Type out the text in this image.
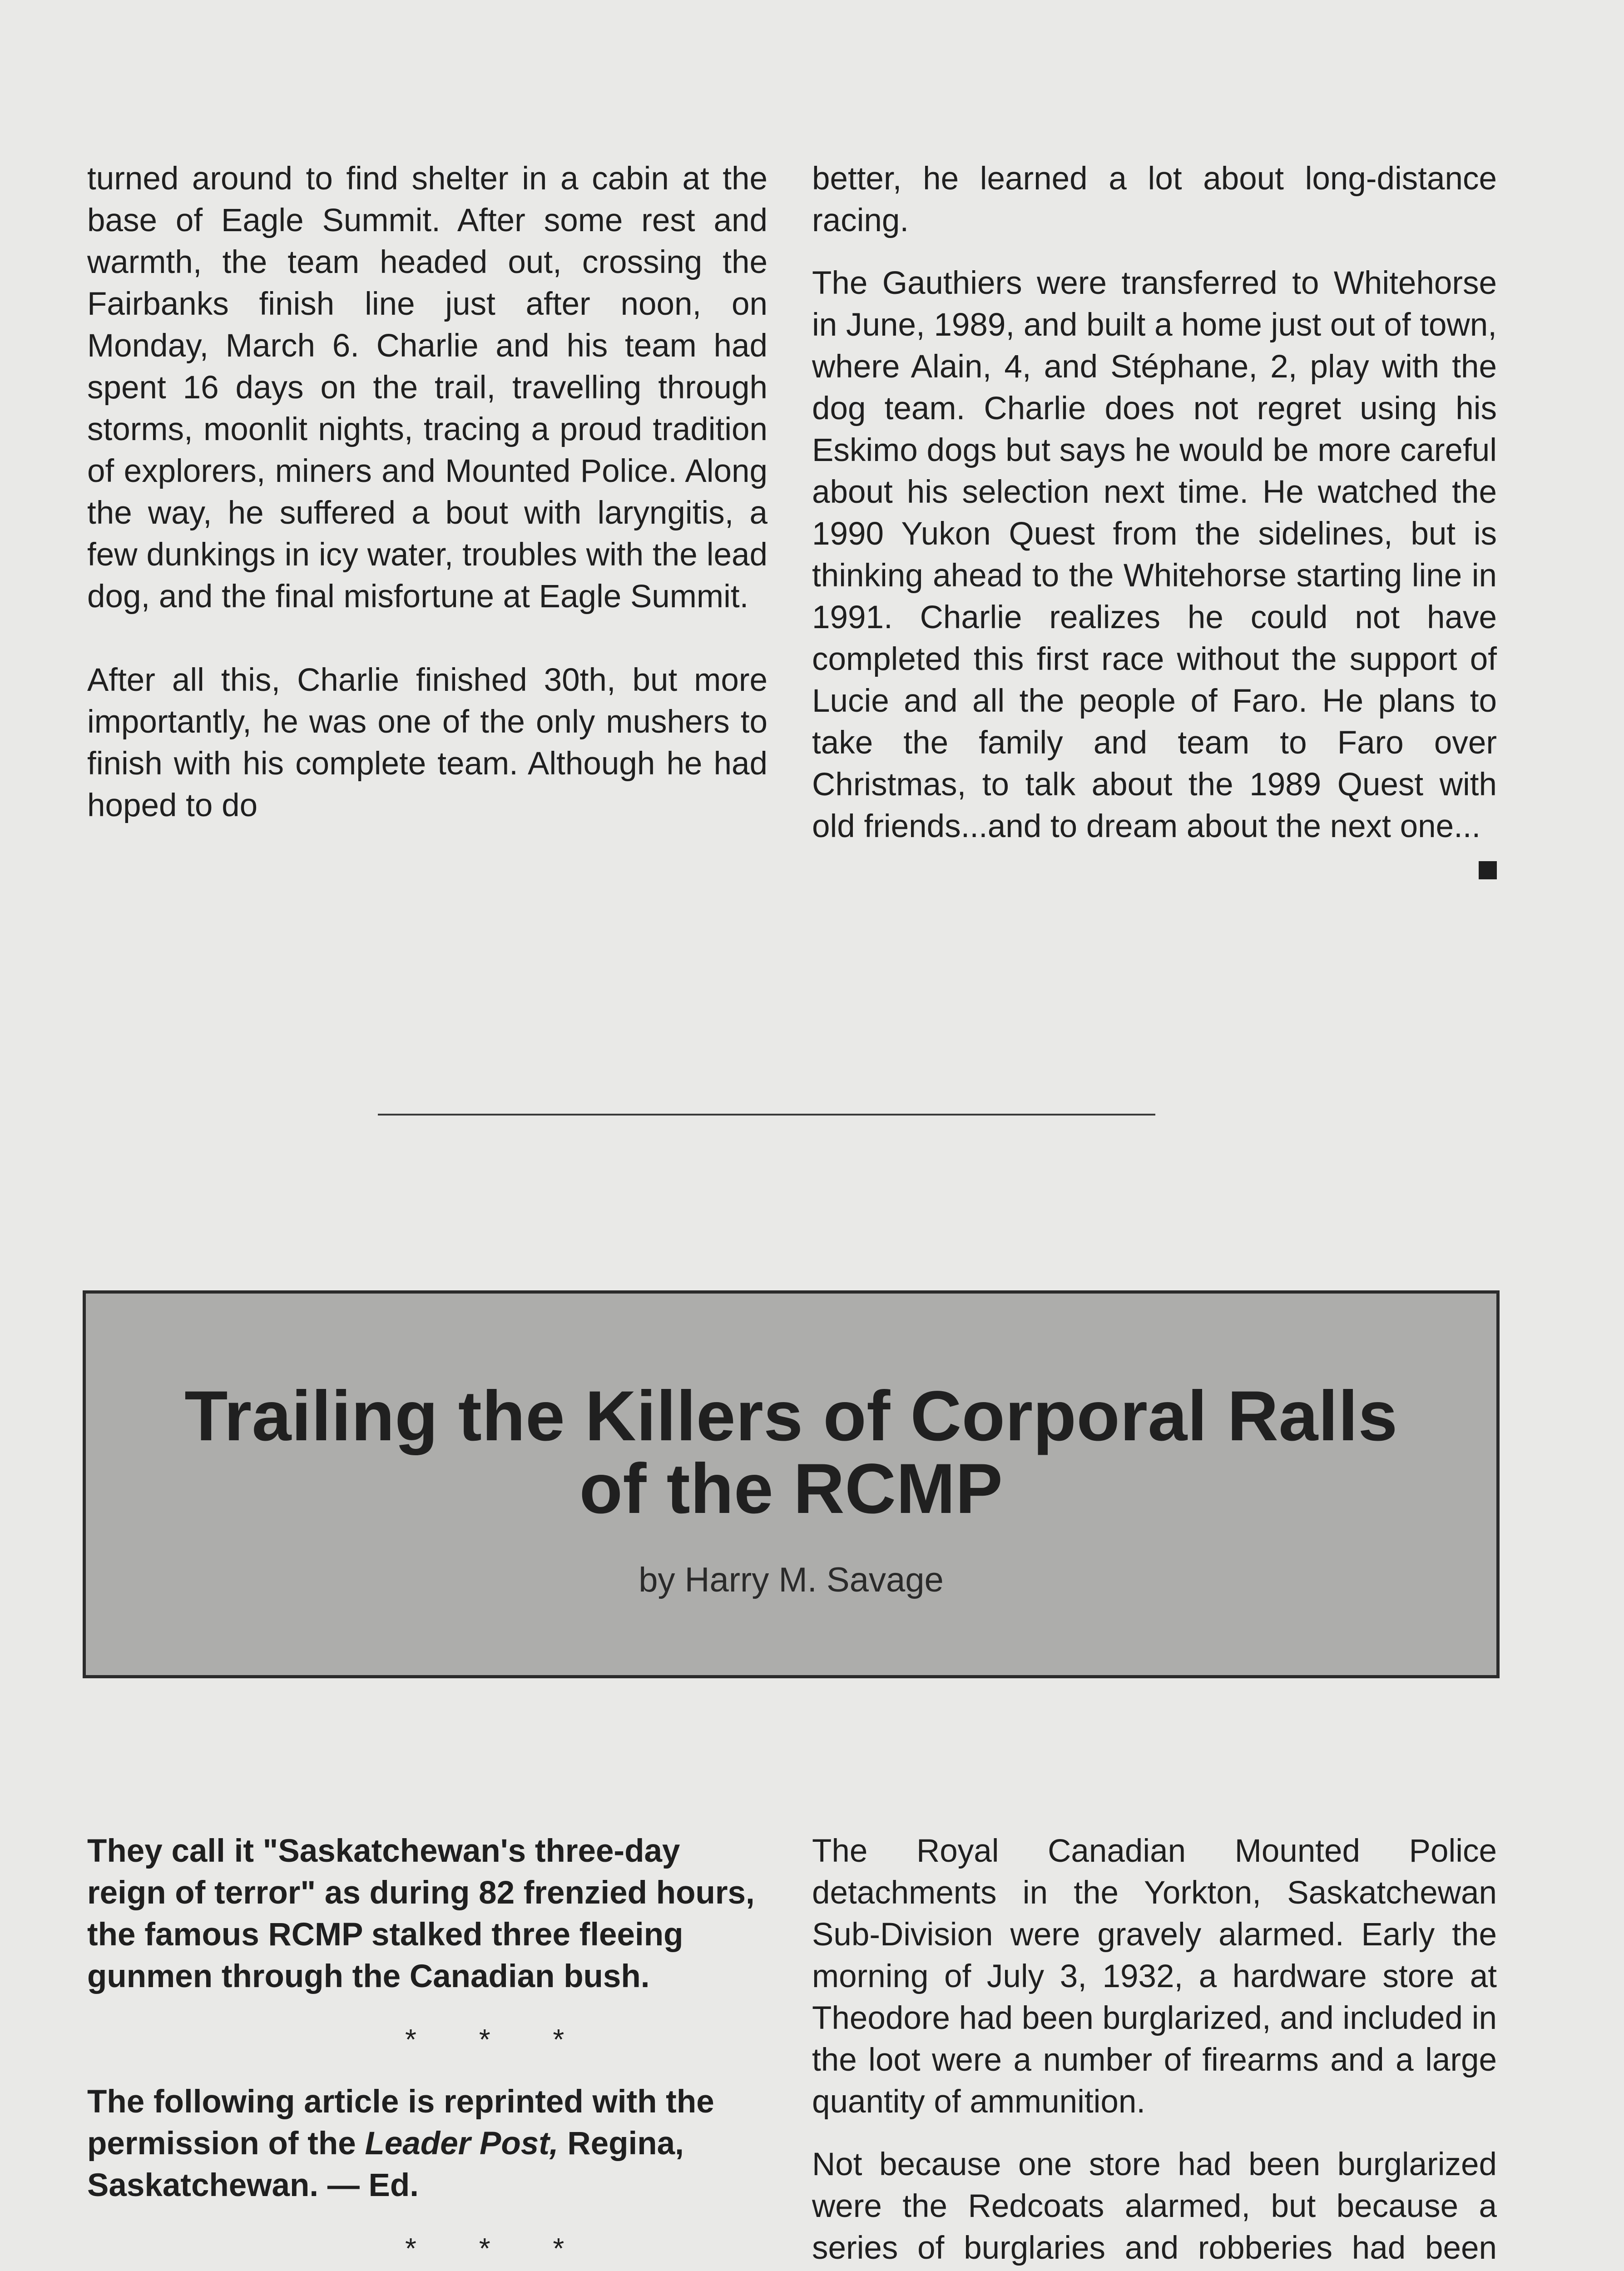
turned around to find shelter in a cabin at the base of Eagle Summit. After some rest and warmth, the team headed out, crossing the Fairbanks finish line just after noon, on Monday, March 6. Charlie and his team had spent 16 days on the trail, travelling through storms, moonlit nights, tracing a proud tradition of explorers, miners and Mounted Police. Along the way, he suffered a bout with laryngitis, a few dunkings in icy water, troubles with the lead dog, and the final misfortune at Eagle Summit.

After all this, Charlie finished 30th, but more importantly, he was one of the only mushers to finish with his complete team. Although he had hoped to do

better, he learned a lot about long-distance racing.

The Gauthiers were transferred to Whitehorse in June, 1989, and built a home just out of town, where Alain, 4, and Stéphane, 2, play with the dog team. Charlie does not regret using his Eskimo dogs but says he would be more careful about his selection next time. He watched the 1990 Yukon Quest from the sidelines, but is thinking ahead to the Whitehorse starting line in 1991. Charlie realizes he could not have completed this first race without the support of Lucie and all the people of Faro. He plans to take the family and team to Faro over Christmas, to talk about the 1989 Quest with old friends...and to dream about the next one...

Trailing the Killers of Corporal Ralls
of the RCMP
by Harry M. Savage

They call it "Saskatchewan's three-day reign of terror" as during 82 frenzied hours, the famous RCMP stalked three fleeing gunmen through the Canadian bush.

* * *

The following article is reprinted with the permission of the Leader Post, Regina, Saskatchewan. — Ed.

* * *

The Royal Canadian Mounted Police detachments in the Yorkton, Saskatchewan Sub-Division were gravely alarmed. Early the morning of July 3, 1932, a hardware store at Theodore had been burglarized, and included in the loot were a number of firearms and a large quantity of ammunition.

Not because one store had been burglarized were the Redcoats alarmed, but because a series of burglaries and robberies had been
